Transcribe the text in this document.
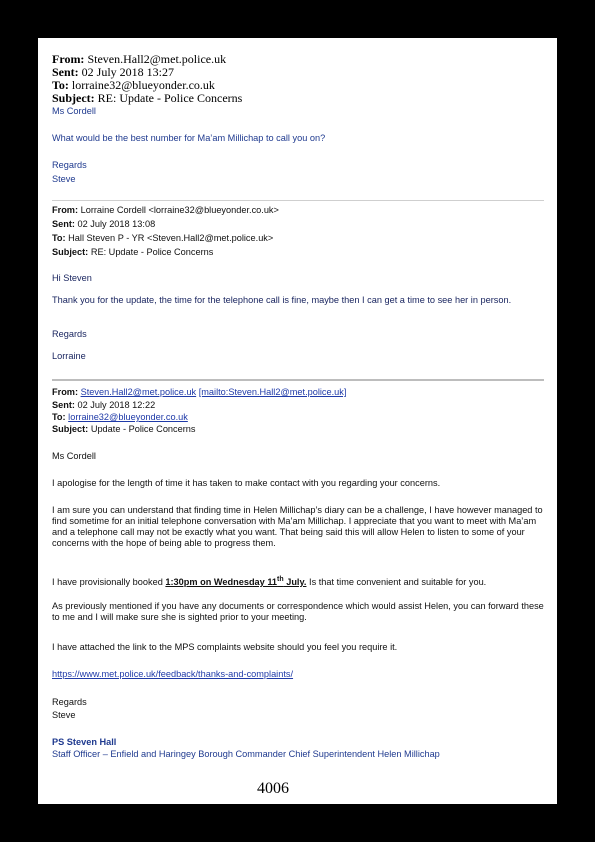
From: Steven.Hall2@met.police.uk
Sent: 02 July 2018 13:27
To: lorraine32@blueyonder.co.uk
Subject: RE: Update - Police Concerns
Ms Cordell
What would be the best number for Ma’am Millichap to call you on?
Regards
Steve
From: Lorraine Cordell <lorraine32@blueyonder.co.uk>
Sent: 02 July 2018 13:08
To: Hall Steven P - YR <Steven.Hall2@met.police.uk>
Subject: RE: Update - Police Concerns
Hi Steven
Thank you for the update, the time for the telephone call is fine, maybe then I can get a time to see her in person.
Regards
Lorraine
From: Steven.Hall2@met.police.uk [mailto:Steven.Hall2@met.police.uk]
Sent: 02 July 2018 12:22
To: lorraine32@blueyonder.co.uk
Subject: Update - Police Concerns
Ms Cordell
I apologise for the length of time it has taken to make contact with you regarding your concerns.
I am sure you can understand that finding time in Helen Millichap’s diary can be a challenge, I have however managed to find sometime for an initial telephone conversation with Ma’am Millichap. I appreciate that you want to meet with Ma’am and a telephone call may not be exactly what you want. That being said this will allow Helen to listen to some of your concerns with the hope of being able to progress them.
I have provisionally booked 1:30pm on Wednesday 11th July. Is that time convenient and suitable for you.
As previously mentioned if you have any documents or correspondence which would assist Helen, you can forward these to me and I will make sure she is sighted prior to your meeting.
I have attached the link to the MPS complaints website should you feel you require it.
https://www.met.police.uk/feedback/thanks-and-complaints/
Regards
Steve
PS Steven Hall
Staff Officer – Enfield and Haringey Borough Commander Chief Superintendent Helen Millichap
4006
